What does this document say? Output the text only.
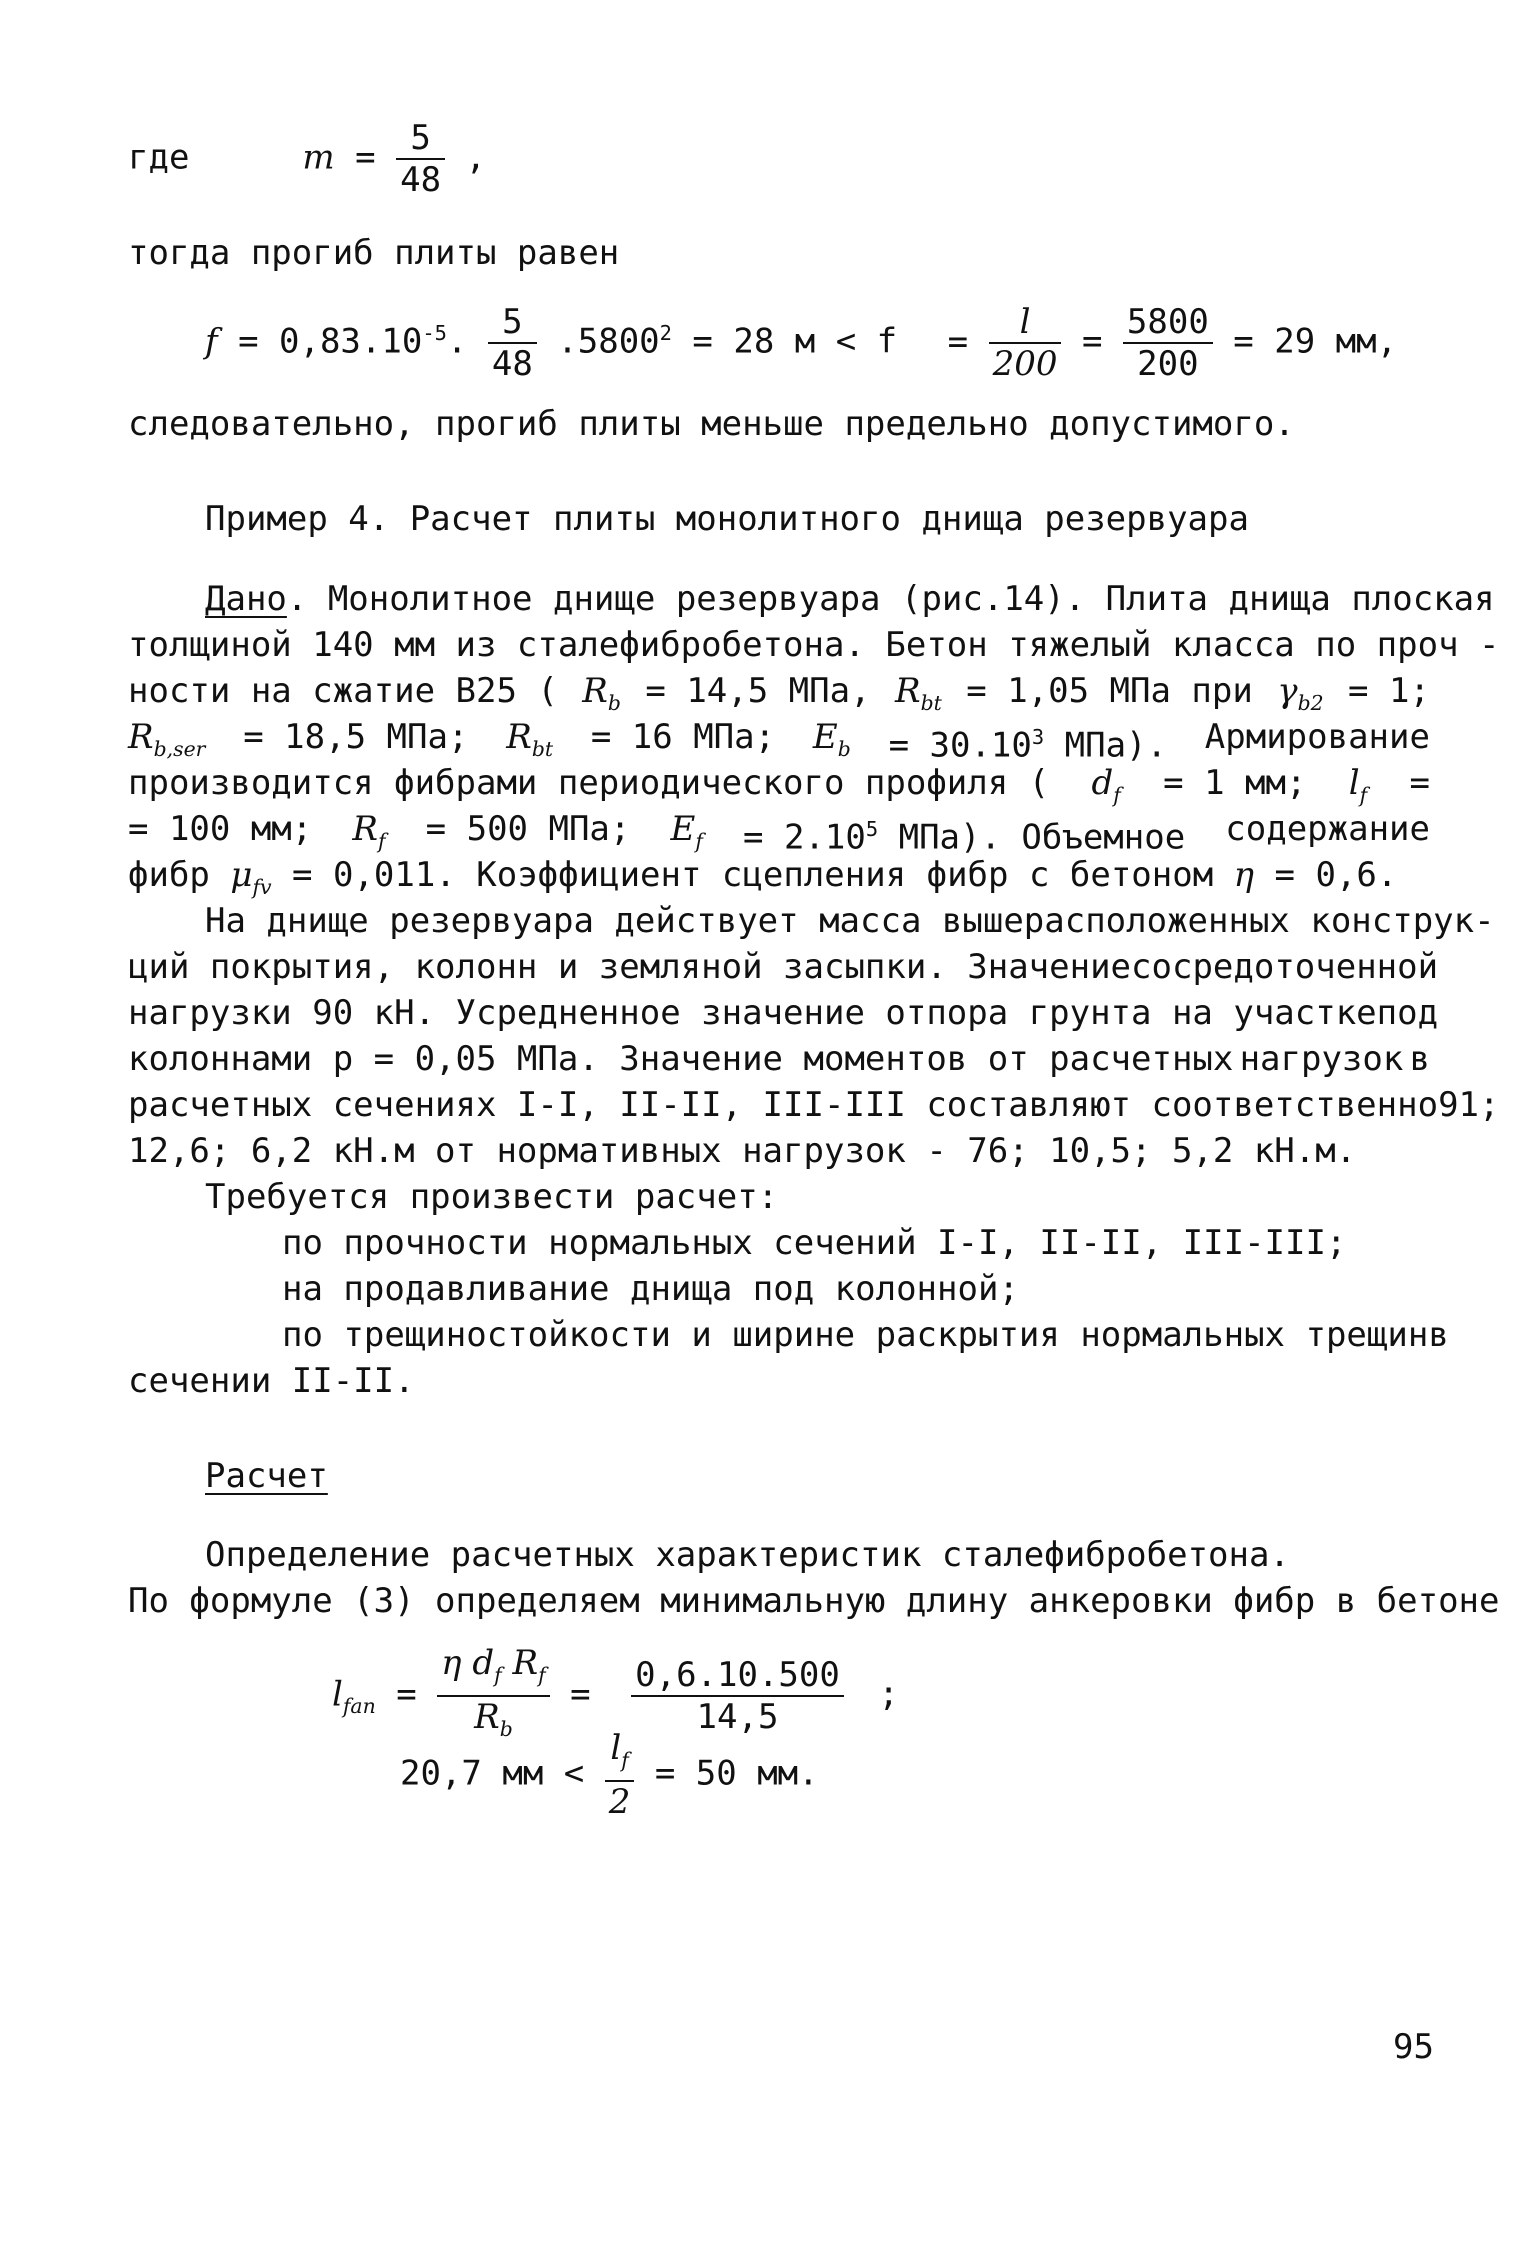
где	$m = \frac{5}{48}$ ,
тогда прогиб плиты равен
$f = 0,83.10^{-5}$. $\frac{5}{48} .5800^2 = 28$ $м < f = \frac{l}{200} = \frac{5800}{200} = 29$ мм,
следовательно, прогиб плиты меньше предельно допустимого.
Пример 4. Расчет плиты монолитного днища резервуара
Дано. Монолитное днище резервуара (рис.14). Плита днища плоская
толщиной 140 мм из сталефибробетона. Бетон тяжелый класса по проч -
ности на сжатие B25 ( $R_b = 14,5$ МПа, $R_{bt} = 1,05$ МПа при $\gamma_{b2} = 1$;
$R_{b,ser} = 18,5$ МПа; $R_{bt} = 16$ МПа; $E_b = 30.10^3$ МПа). Армирование
производится фибрами периодического профиля ( $d_f = 1$ мм; $l_f$ =
= 100 мм; $R_f = 500$ МПа; $E_f = 2.10^5$ МПа). Объемное содержание
фибр $\mu_{fv} = 0,011$. Коэффициент сцепления фибр с бетоном η = 0,6.
На днище резервуара действует масса вышерасположенных конструк-
ций покрытия, колонн и земляной засыпки. Значение сосредоточенной
нагрузки 90 кН. Усредненное значение отпора грунта на участке под
колоннами р = 0,05 МПа. Значение моментов от расчетных нагрузок в
расчетных сечениях I-I, II-II, III-III составляют соответственно 91;
12,6; 6,2 кН.м от нормативных нагрузок - 76; 10,5; 5,2 кН.м.
Требуется произвести расчет:
по прочности нормальных сечений I-I, II-II, III-III;
на продавливание днища под колонной;
по трещиностойкости и ширине раскрытия нормальных трещин в
сечении II-II.
Расчет
Определение расчетных характеристик сталефибробетона.
По формуле (3) определяем минимальную длину анкеровки фибр в бетоне
$l_{fan} = \frac{\eta d_f R_f}{R_b} = \frac{0,6.10.500}{14,5}$ ;
20,7 мм < $\frac{l_f}{2} = 50$ мм.
95
